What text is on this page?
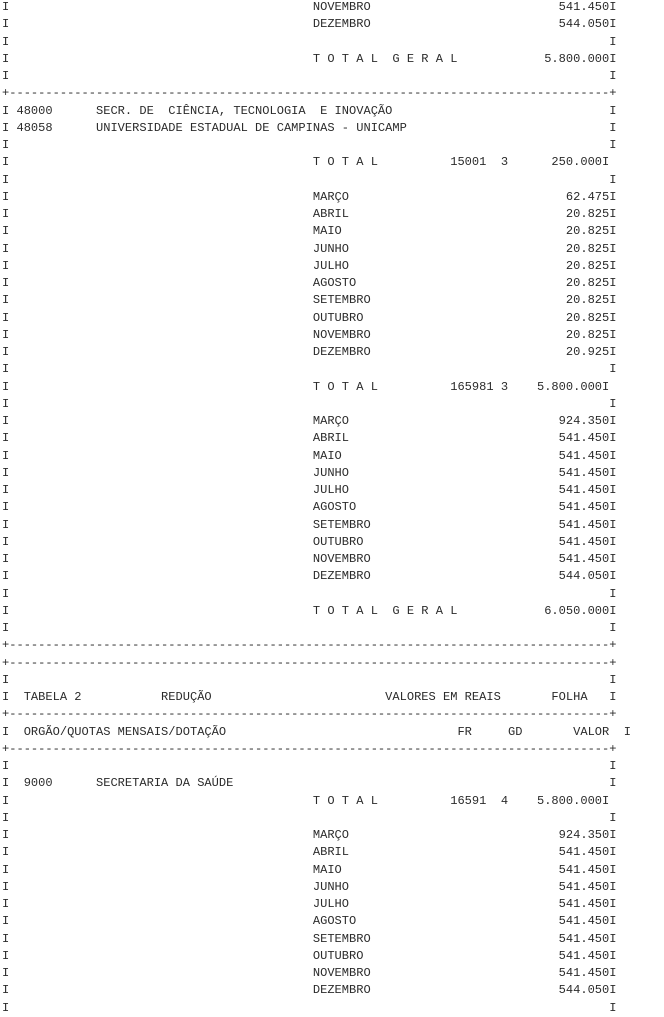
I                                          NOVEMBRO                          541.450I
I                                          DEZEMBRO                          544.050I
I                                                                                   I
I                                          T O T A L  G E R A L            5.800.000I
I                                                                                   I
+-----------------------------------------------------------------------------------+
I 48000      SECR. DE  CIÊNCIA, TECNOLOGIA  E INOVAÇÃO                              I
I 48058      UNIVERSIDADE ESTADUAL DE CAMPINAS - UNICAMP                            I
I                                                                                   I
I                                          T O T A L          15001  3      250.000I
I                                                                                   I
I                                          MARÇO                              62.475I
I                                          ABRIL                              20.825I
I                                          MAIO                               20.825I
I                                          JUNHO                              20.825I
I                                          JULHO                              20.825I
I                                          AGOSTO                             20.825I
I                                          SETEMBRO                           20.825I
I                                          OUTUBRO                            20.825I
I                                          NOVEMBRO                           20.825I
I                                          DEZEMBRO                           20.925I
I                                                                                   I
I                                          T O T A L          165981 3    5.800.000I
I                                                                                   I
I                                          MARÇO                             924.350I
I                                          ABRIL                             541.450I
I                                          MAIO                              541.450I
I                                          JUNHO                             541.450I
I                                          JULHO                             541.450I
I                                          AGOSTO                            541.450I
I                                          SETEMBRO                          541.450I
I                                          OUTUBRO                           541.450I
I                                          NOVEMBRO                          541.450I
I                                          DEZEMBRO                          544.050I
I                                                                                   I
I                                          T O T A L  G E R A L            6.050.000I
I                                                                                   I
+-----------------------------------------------------------------------------------+
+-----------------------------------------------------------------------------------+
I                                                                                   I
I  TABELA 2           REDUÇÃO                        VALORES EM REAIS       FOLHA   I
+-----------------------------------------------------------------------------------+
I  ORGÃO/QUOTAS MENSAIS/DOTAÇÃO                                FR     GD       VALOR  I
+-----------------------------------------------------------------------------------+
I                                                                                   I
I  9000      SECRETARIA DA SAÚDE                                                    I
I                                          T O T A L          16591  4    5.800.000I
I                                                                                   I
I                                          MARÇO                             924.350I
I                                          ABRIL                             541.450I
I                                          MAIO                              541.450I
I                                          JUNHO                             541.450I
I                                          JULHO                             541.450I
I                                          AGOSTO                            541.450I
I                                          SETEMBRO                          541.450I
I                                          OUTUBRO                           541.450I
I                                          NOVEMBRO                          541.450I
I                                          DEZEMBRO                          544.050I
I                                                                                   I
